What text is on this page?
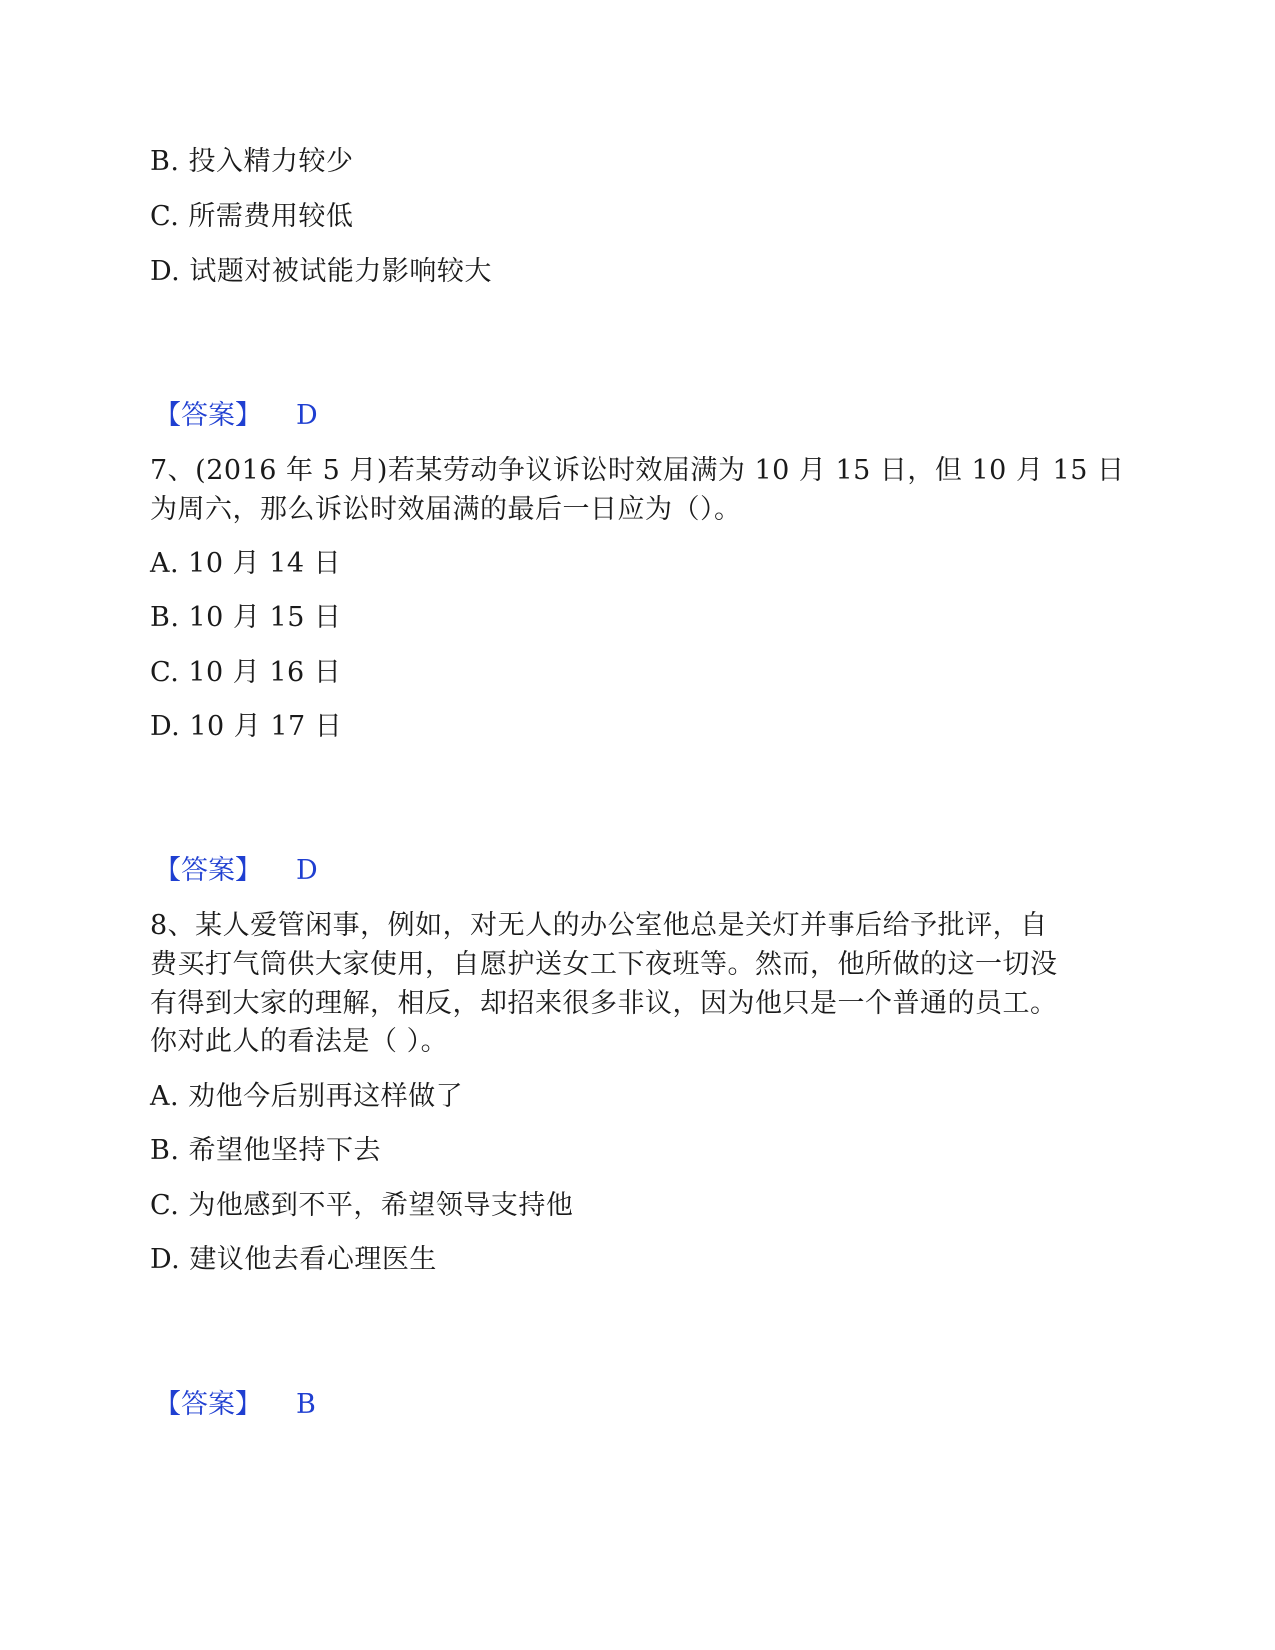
B. 投入精力较少
C. 所需费用较低
D. 试题对被试能力影响较大
【答案】 D
7、(2016 年 5 月)若某劳动争议诉讼时效届满为 10 月 15 日，但 10 月 15 日
为周六，那么诉讼时效届满的最后一日应为（）。
A. 10 月 14 日
B. 10 月 15 日
C. 10 月 16 日
D. 10 月 17 日
【答案】 D
8、某人爱管闲事，例如，对无人的办公室他总是关灯并事后给予批评，自
费买打气筒供大家使用，自愿护送女工下夜班等。然而，他所做的这一切没
有得到大家的理解，相反，却招来很多非议，因为他只是一个普通的员工。
你对此人的看法是（ ）。
A. 劝他今后别再这样做了
B. 希望他坚持下去
C. 为他感到不平，希望领导支持他
D. 建议他去看心理医生
【答案】 B
